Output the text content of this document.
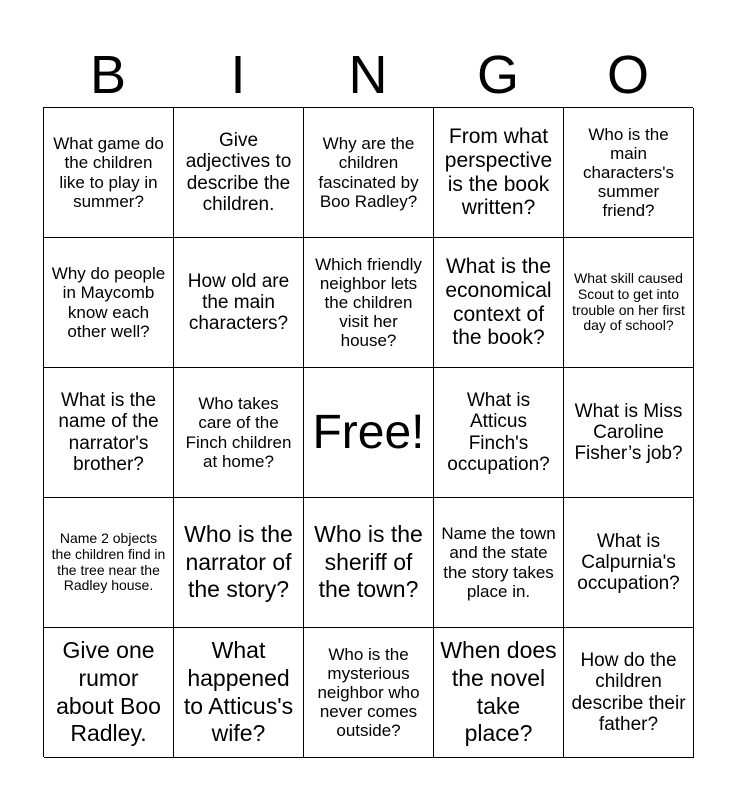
B	I	N	G	O
What game do the children like to play in summer?
Give adjectives to describe the children.
Why are the children fascinated by Boo Radley?
From what perspective is the book written?
Who is the main characters's summer friend?
Why do people in Maycomb know each other well?
How old are the main characters?
Which friendly neighbor lets the children visit her house?
What is the economical context of the book?
What skill caused Scout to get into trouble on her first day of school?
What is the name of the narrator's brother?
Who takes care of the Finch children at home?
Free!
What is Atticus Finch's occupation?
What is Miss Caroline Fisher’s job?
Name 2 objects the children find in the tree near the Radley house.
Who is the narrator of the story?
Who is the sheriff of the town?
Name the town and the state the story takes place in.
What is Calpurnia's occupation?
Give one rumor about Boo Radley.
What happened to Atticus's wife?
Who is the mysterious neighbor who never comes outside?
When does the novel take place?
How do the children describe their father?
